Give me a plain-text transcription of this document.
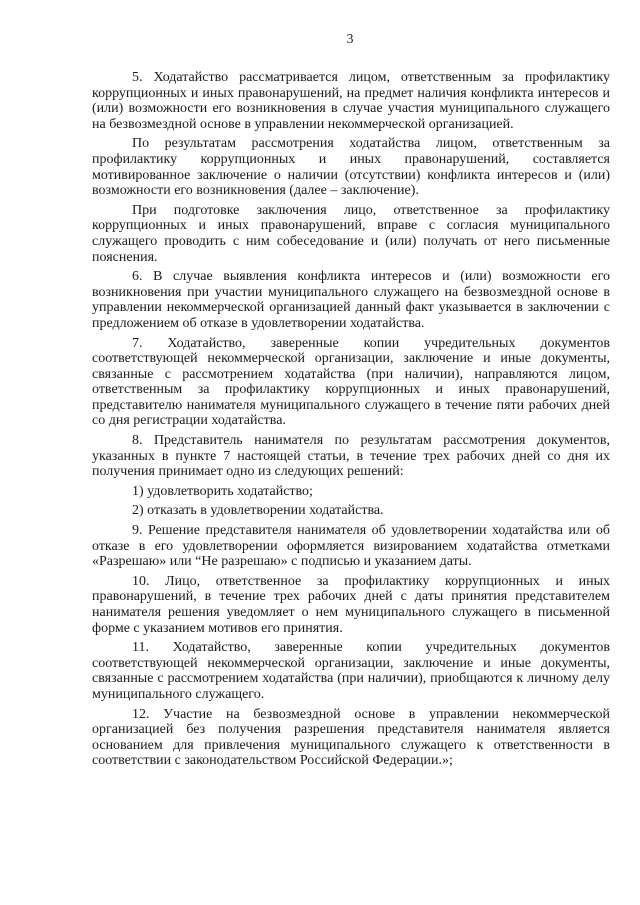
3

5. Ходатайство рассматривается лицом, ответственным за профилактику коррупционных и иных правонарушений, на предмет наличия конфликта интересов и (или) возможности его возникновения в случае участия муниципального служащего на безвозмездной основе в управлении некоммерческой организацией.

По результатам рассмотрения ходатайства лицом, ответственным за профилактику коррупционных и иных правонарушений, составляется мотивированное заключение о наличии (отсутствии) конфликта интересов и (или) возможности его возникновения (далее – заключение).

При подготовке заключения лицо, ответственное за профилактику коррупционных и иных правонарушений, вправе с согласия муниципального служащего проводить с ним собеседование и (или) получать от него письменные пояснения.

6. В случае выявления конфликта интересов и (или) возможности его возникновения при участии муниципального служащего на безвозмездной основе в управлении некоммерческой организацией данный факт указывается в заключении с предложением об отказе в удовлетворении ходатайства.

7. Ходатайство, заверенные копии учредительных документов соответствующей некоммерческой организации, заключение и иные документы, связанные с рассмотрением ходатайства (при наличии), направляются лицом, ответственным за профилактику коррупционных и иных правонарушений, представителю нанимателя муниципального служащего в течение пяти рабочих дней со дня регистрации ходатайства.

8. Представитель нанимателя по результатам рассмотрения документов, указанных в пункте 7 настоящей статьи, в течение трех рабочих дней со дня их получения принимает одно из следующих решений:

1) удовлетворить ходатайство;

2) отказать в удовлетворении ходатайства.

9. Решение представителя нанимателя об удовлетворении ходатайства или об отказе в его удовлетворении оформляется визированием ходатайства отметками «Разрешаю» или “Не разрешаю» с подписью и указанием даты.

10. Лицо, ответственное за профилактику коррупционных и иных правонарушений, в течение трех рабочих дней с даты принятия представителем нанимателя решения уведомляет о нем муниципального служащего в письменной форме с указанием мотивов его принятия.

11. Ходатайство, заверенные копии учредительных документов соответствующей некоммерческой организации, заключение и иные документы, связанные с рассмотрением ходатайства (при наличии), приобщаются к личному делу муниципального служащего.

12. Участие на безвозмездной основе в управлении некоммерческой организацией без получения разрешения представителя нанимателя является основанием для привлечения муниципального служащего к ответственности в соответствии с законодательством Российской Федерации.»;
